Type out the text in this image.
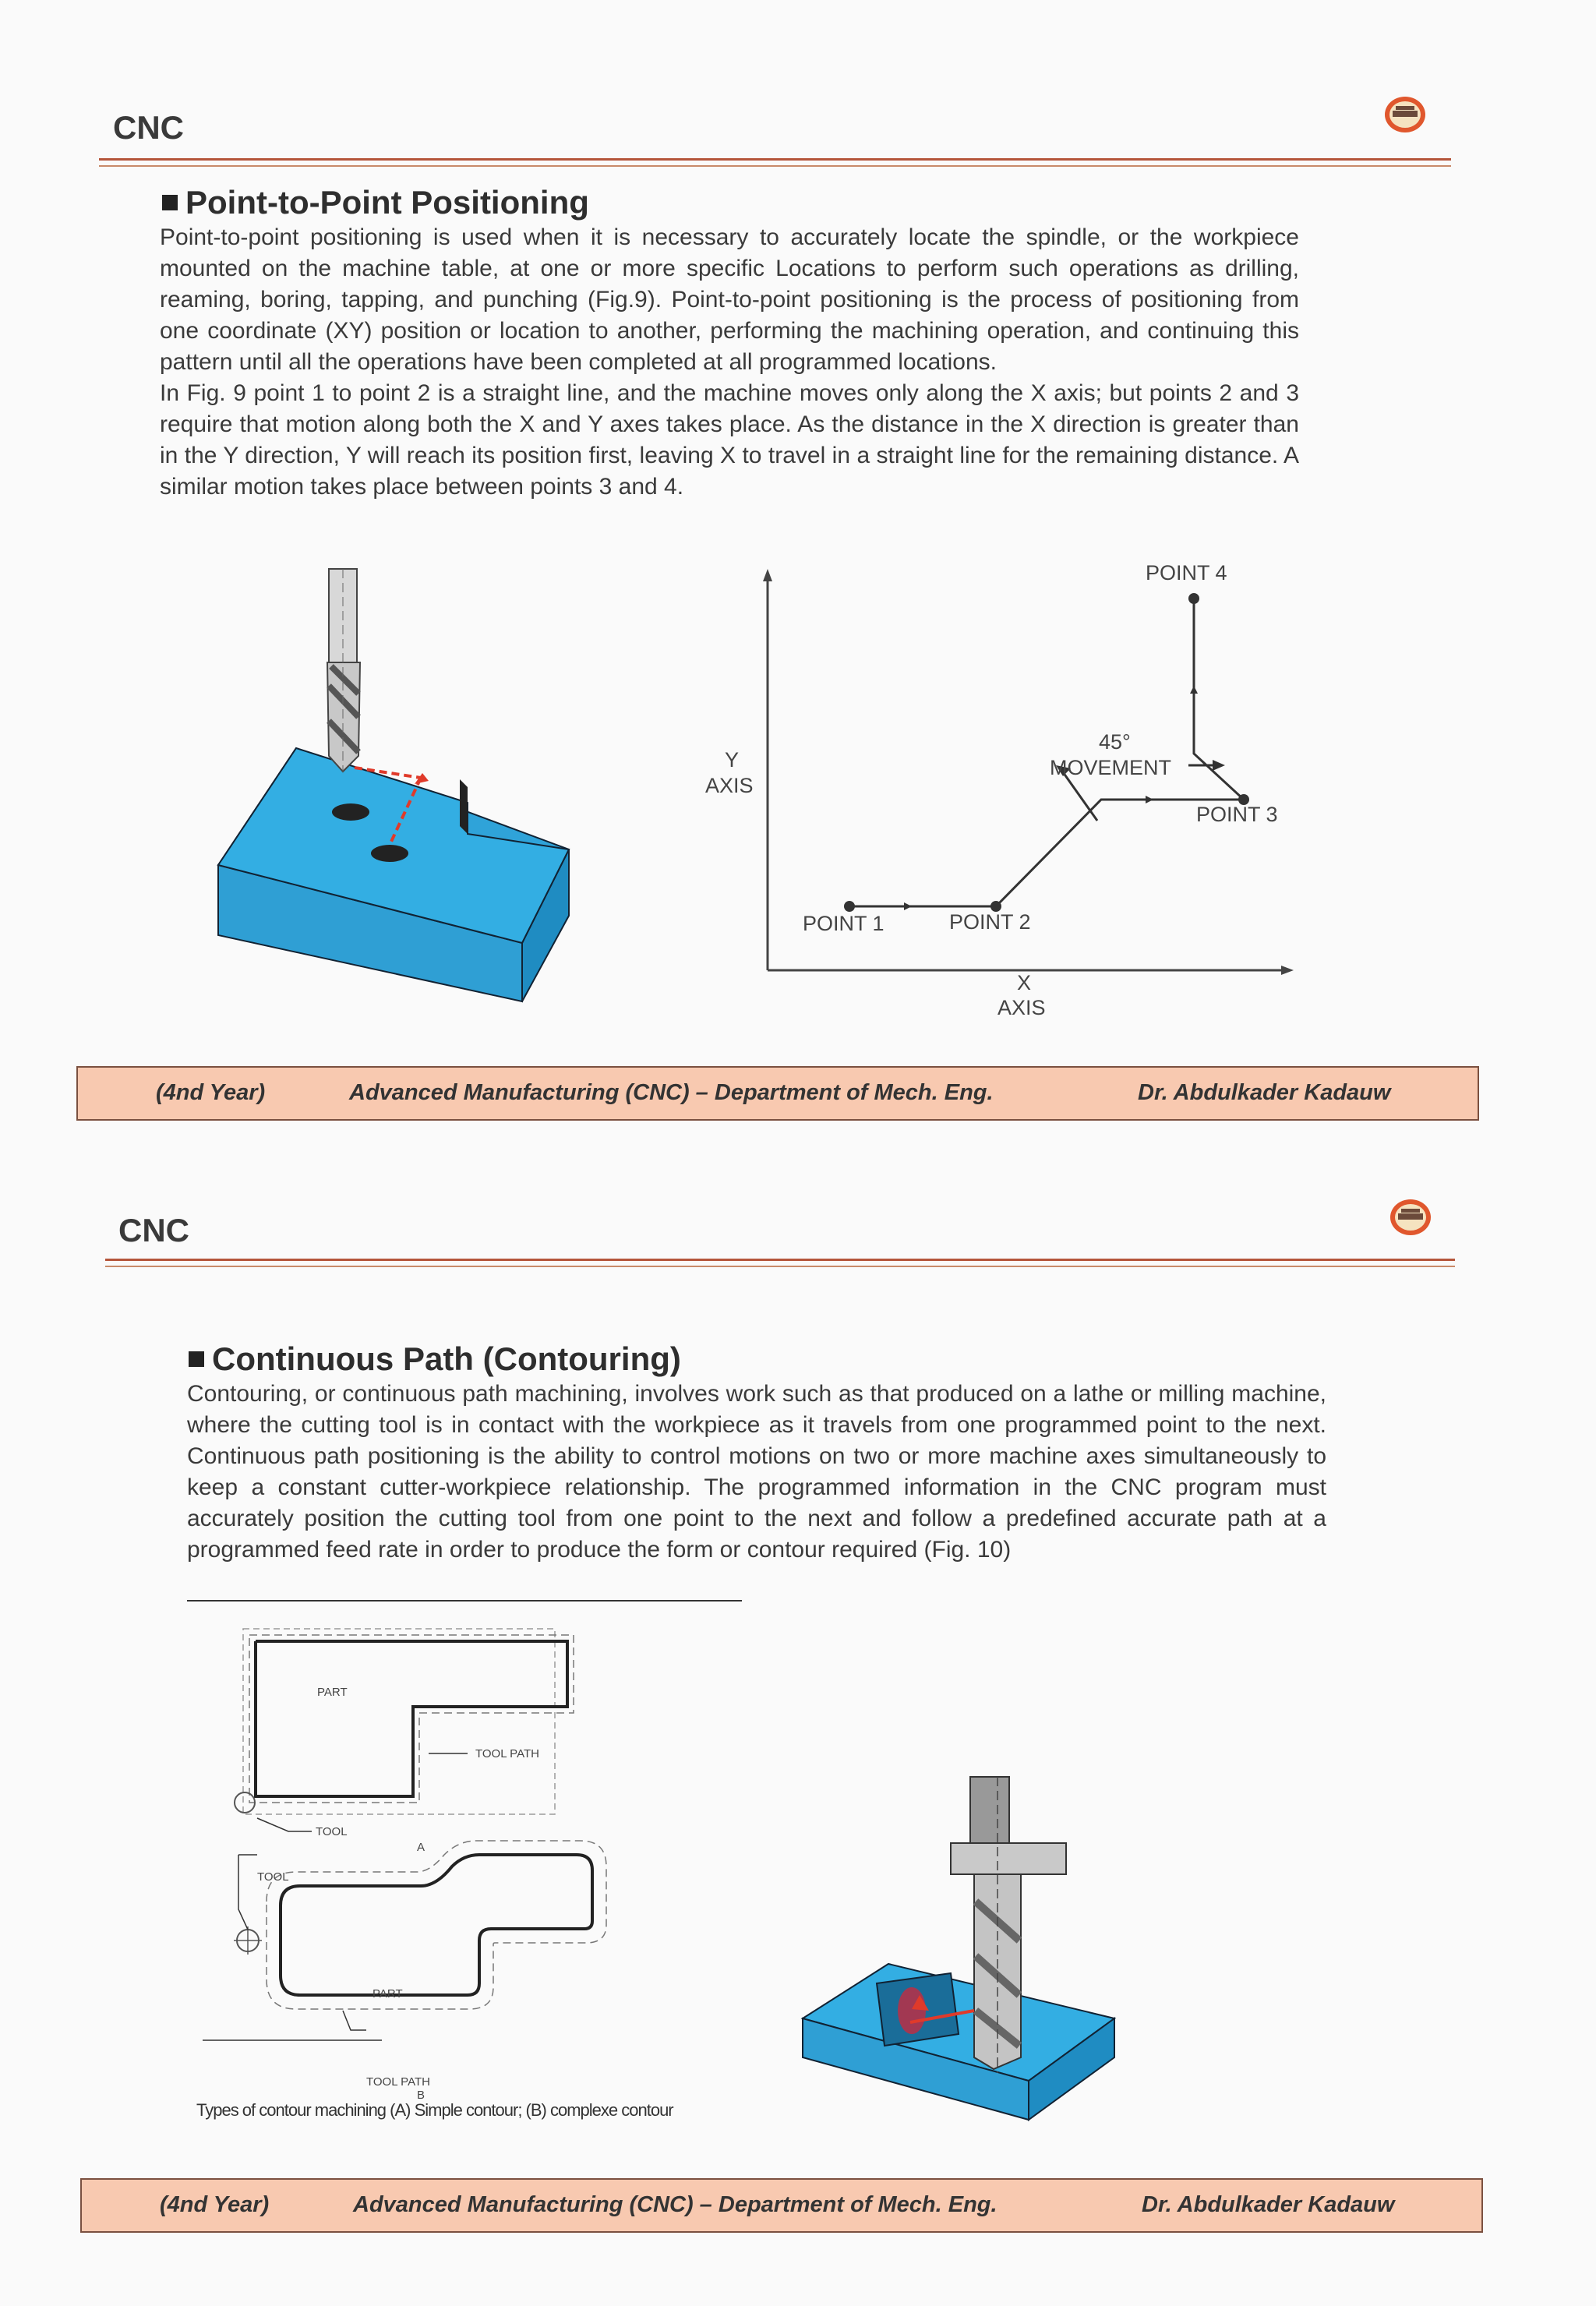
CNC
Point-to-Point Positioning

Point-to-point positioning is used when it is necessary to accurately locate the spindle, or the workpiece mounted on the machine table, at one or more specific Locations to perform such operations as drilling, reaming, boring, tapping, and punching (Fig.9). Point-to-point positioning is the process of positioning from one coordinate (XY) position or location to another, performing the machining operation, and continuing this pattern until all the operations have been completed at all programmed locations.

In Fig. 9 point 1 to point 2 is a straight line, and the machine moves only along the X axis; but points 2 and 3 require that motion along both the X and Y axes takes place. As the distance in the X direction is greater than in the Y direction, Y will reach its position first, leaving X to travel in a straight line for the remaining distance. A similar motion takes place between points 3 and 4.

Y
AXIS
X
AXIS
POINT 1	POINT 2
POINT 3
POINT 4
45°
MOVEMENT
(4nd Year)	Advanced Manufacturing (CNC) – Department of Mech. Eng.	Dr. Abdulkader Kadauw
CNC
Continuous Path (Contouring)

Contouring, or continuous path machining, involves work such as that produced on a lathe or milling machine, where the cutting tool is in contact with the workpiece as it travels from one programmed point to the next. Continuous path positioning is the ability to control motions on two or more machine axes simultaneously to keep a constant cutter-workpiece relationship. The programmed information in the CNC program must accurately position the cutting tool from one point to the next and follow a predefined accurate path at a programmed feed rate in order to produce the form or contour required (Fig. 10)

PART
TOOL PATH
TOOL
A
TOOL
PART
TOOL PATH
B
Types of contour machining (A) Simple contour; (B) complexe contour
(4nd Year)	Advanced Manufacturing (CNC) – Department of Mech. Eng.	Dr. Abdulkader Kadauw
